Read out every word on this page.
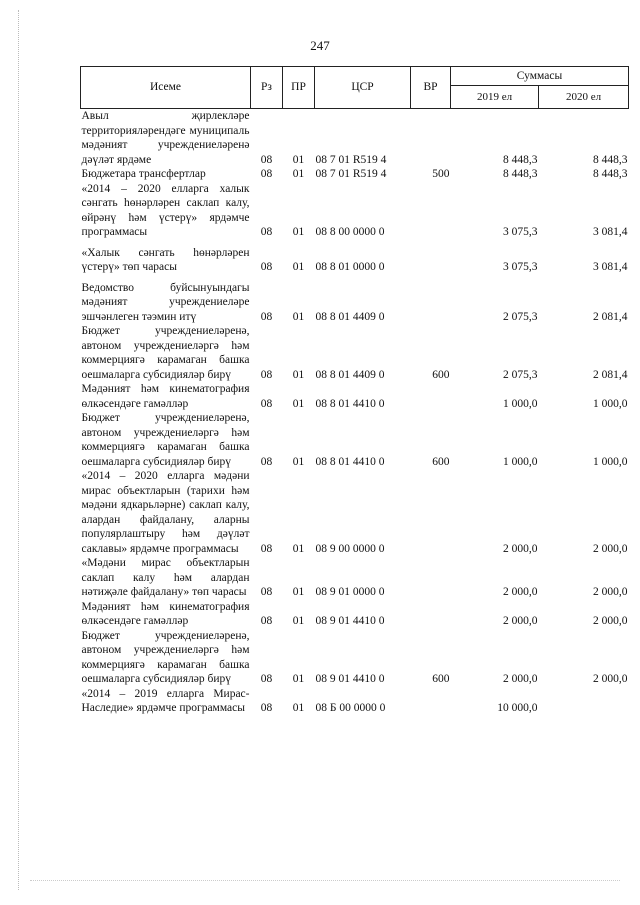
247
Исеме	Рз	ПР	ЦСР	ВР	Суммасы	
					2019 ел	2020 ел
Авыл җирлекләре территорияләрендәге муниципаль мәдәният учреждениеләренә дәүләт ярдәме	08	01	08 7 01 R519 4		8 448,3	8 448,3
Бюджетара трансфертлар	08	01	08 7 01 R519 4	500	8 448,3	8 448,3
«2014 – 2020 елларга халык сәнгать һөнәрләрен саклап калу, өйрәнү һәм үстерү» ярдәмче программасы	08	01	08 8 00 0000 0		3 075,3	3 081,4
«Халык сәнгать һөнәрләрен үстерү» төп чарасы	08	01	08 8 01 0000 0		3 075,3	3 081,4
Ведомство буйсынуындагы мәдәният учреждениеләре эшчәнлеген тәэмин итү	08	01	08 8 01 4409 0		2 075,3	2 081,4
Бюджет учреждениеләренә, автоном учреждениеләргә һәм коммерциягә карамаган башка оешмаларга субсидияләр бирү	08	01	08 8 01 4409 0	600	2 075,3	2 081,4
Мәдәният һәм кинематография өлкәсендәге гамәлләр	08	01	08 8 01 4410 0		1 000,0	1 000,0
Бюджет учреждениеләренә, автоном учреждениеләргә һәм коммерциягә карамаган башка оешмаларга субсидияләр бирү	08	01	08 8 01 4410 0	600	1 000,0	1 000,0
«2014 – 2020 елларга мәдәни мирас объектларын (тарихи һәм мәдәни ядкарьләрне) саклап калу, алардан файдалану, аларны популярлаштыру һәм дәүләт саклавы» ярдәмче программасы	08	01	08 9 00 0000 0		2 000,0	2 000,0
«Мәдәни мирас объектларын саклап калу һәм алардан нәтиҗәле файдалану» төп чарасы	08	01	08 9 01 0000 0		2 000,0	2 000,0
Мәдәният һәм кинематография өлкәсендәге гамәлләр	08	01	08 9 01 4410 0		2 000,0	2 000,0
Бюджет учреждениеләренә, автоном учреждениеләргә һәм коммерциягә карамаган башка оешмаларга субсидияләр бирү	08	01	08 9 01 4410 0	600	2 000,0	2 000,0
«2014 – 2019 елларга Мирас-Наследие» ярдәмче программасы	08	01	08 Б 00 0000 0		10 000,0	
